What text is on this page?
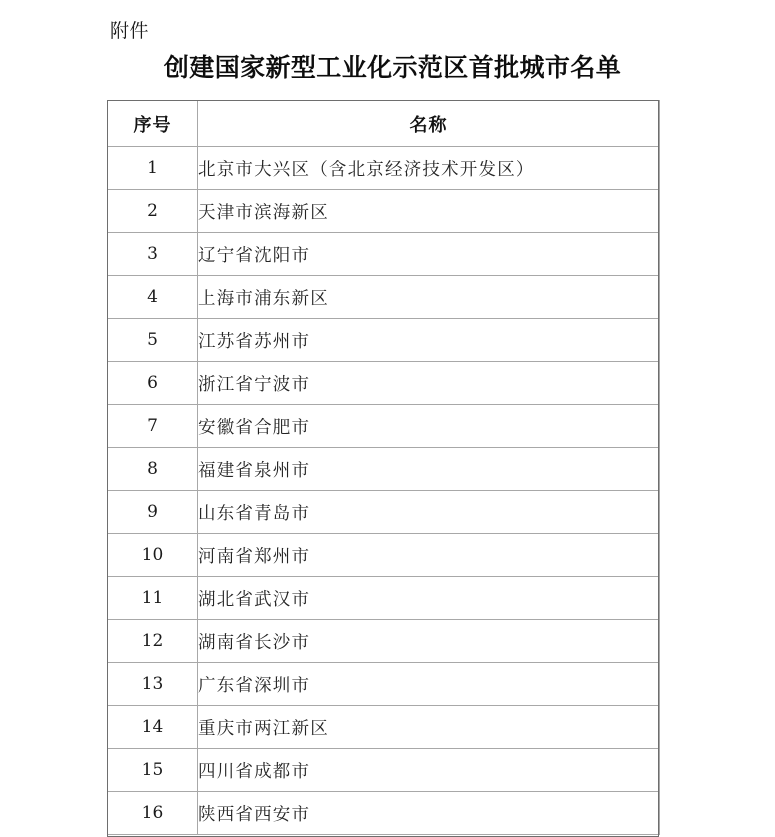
附件
创建国家新型工业化示范区首批城市名单
序号	名称
1	北京市大兴区（含北京经济技术开发区）
2	天津市滨海新区
3	辽宁省沈阳市
4	上海市浦东新区
5	江苏省苏州市
6	浙江省宁波市
7	安徽省合肥市
8	福建省泉州市
9	山东省青岛市
10	河南省郑州市
11	湖北省武汉市
12	湖南省长沙市
13	广东省深圳市
14	重庆市两江新区
15	四川省成都市
16	陕西省西安市
